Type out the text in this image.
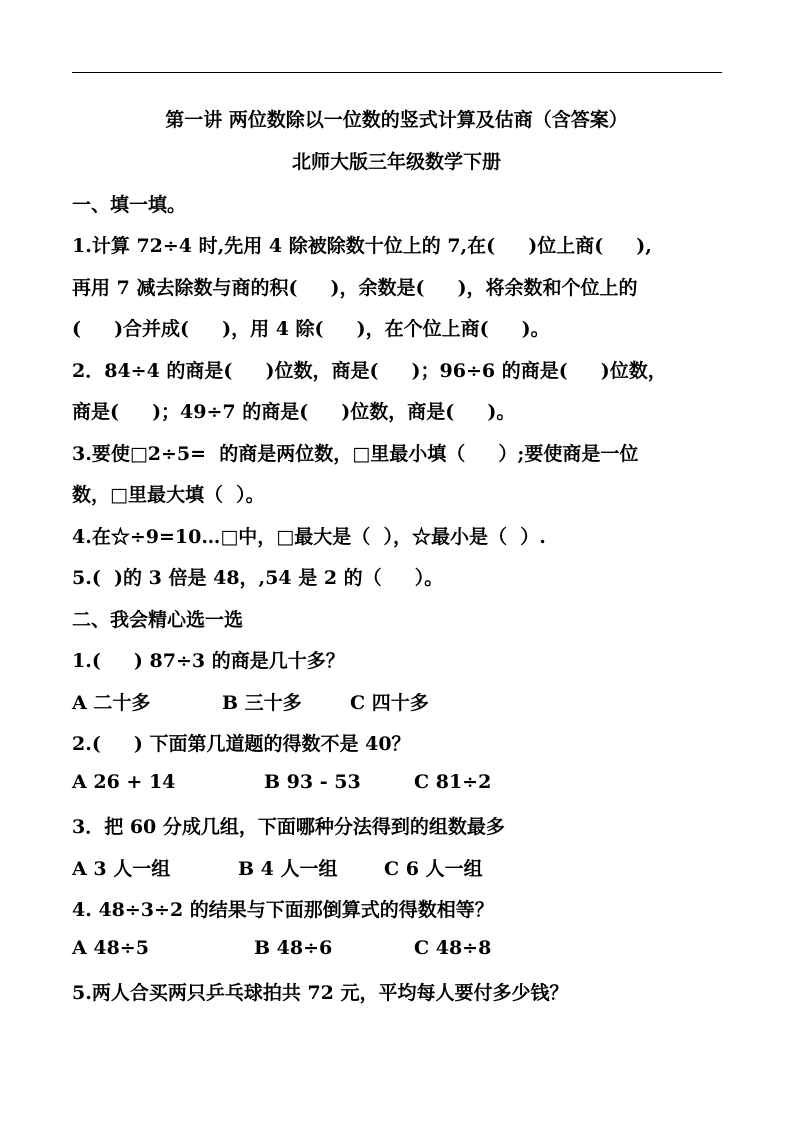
第一讲 两位数除以一位数的竖式计算及估商（含答案）
北师大版三年级数学下册
一、填一填。
1.计算 72÷4 时,先用 4 除被除数十位上的 7,在(     )位上商(     ),
再用 7 减去除数与商的积(     )，余数是(     )，将余数和个位上的
(     )合并成(     )，用 4 除(     )，在个位上商(     )。
2．84÷4 的商是(     )位数，商是(     )；96÷6 的商是(     )位数，
商是(     )；49÷7 的商是(     )位数，商是(     )。
3.要使□2÷5=  的商是两位数，□里最小填（     ）;要使商是一位
数，□里最大填（  ）。
4.在☆÷9=10…□中，□最大是（  ），☆最小是（  ）.
5.(  )的 3 倍是 48，,54 是 2 的（     ）。
二、我会精心选一选
1.(     ) 87÷3 的商是几十多？
A 二十多	B 三十多	C 四十多
2.(     ) 下面第几道题的得数不是 40？
A 26 + 14	B 93 - 53	C 81÷2
3．把 60 分成几组，下面哪种分法得到的组数最多
A 3 人一组	B 4 人一组 C 6 人一组
4. 48÷3÷2 的结果与下面那倒算式的得数相等？
A 48÷5	B 48÷6	C 48÷8
5.两人合买两只乒乓球拍共 72 元，平均每人要付多少钱？
